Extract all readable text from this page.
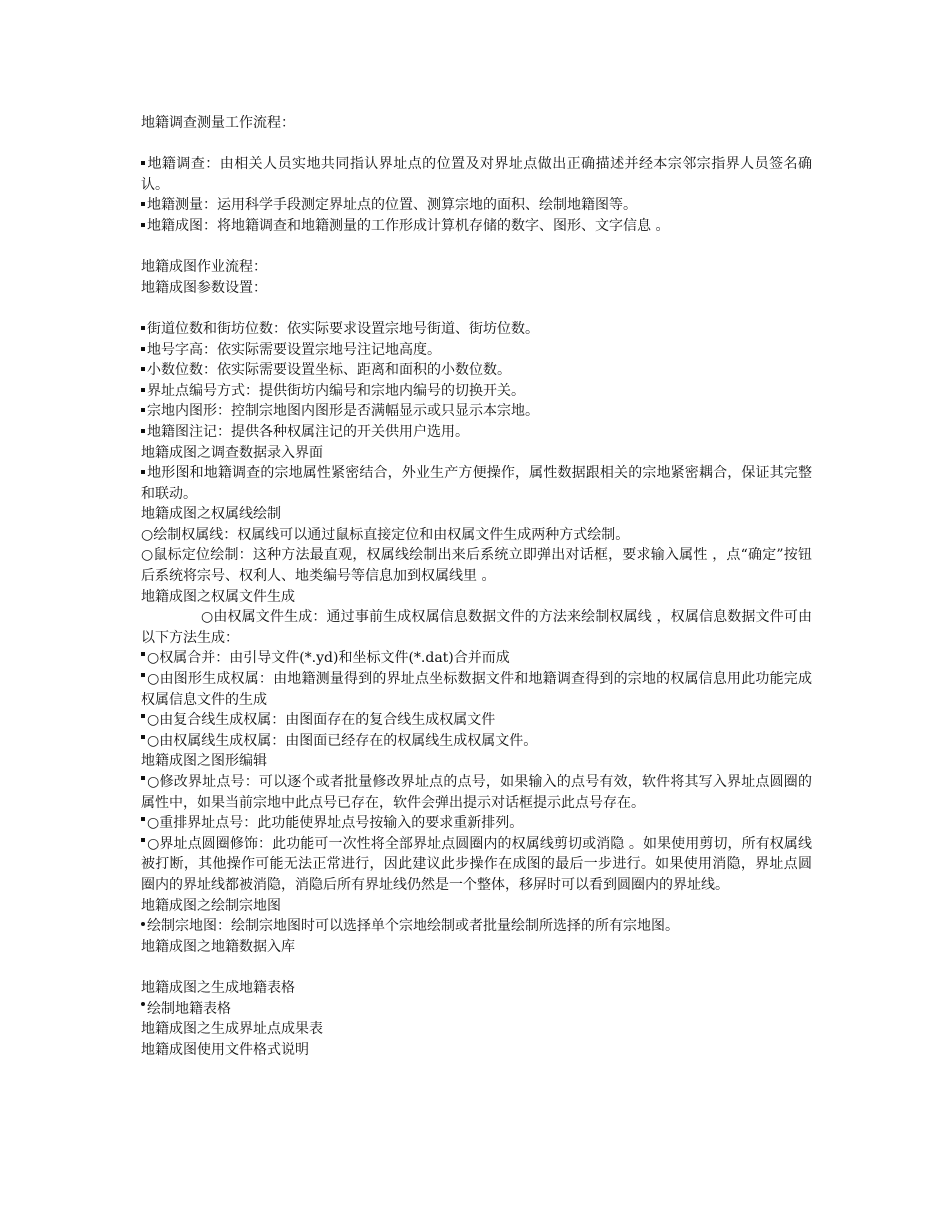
地籍调查测量工作流程：

地籍调查：由相关人员实地共同指认界址点的位置及对界址点做出正确描述并经本宗邻宗指界人员签名确认。

地籍测量：运用科学手段测定界址点的位置、测算宗地的面积、绘制地籍图等。

地籍成图：将地籍调查和地籍测量的工作形成计算机存储的数字、图形、文字信息 。

地籍成图作业流程：

地籍成图参数设置：

街道位数和街坊位数：依实际要求设置宗地号街道、街坊位数。

地号字高：依实际需要设置宗地号注记地高度。

小数位数：依实际需要设置坐标、距离和面积的小数位数。

界址点编号方式：提供街坊内编号和宗地内编号的切换开关。

宗地内图形：控制宗地图内图形是否满幅显示或只显示本宗地。

地籍图注记：提供各种权属注记的开关供用户选用。

地籍成图之调查数据录入界面

地形图和地籍调查的宗地属性紧密结合，外业生产方便操作，属性数据跟相关的宗地紧密耦合，保证其完整和联动。

地籍成图之权属线绘制

○绘制权属线：权属线可以通过鼠标直接定位和由权属文件生成两种方式绘制。

○鼠标定位绘制：这种方法最直观，权属线绘制出来后系统立即弹出对话框，要求输入属性 ，点“确定”按钮后系统将宗号、权利人、地类编号等信息加到权属线里 。

地籍成图之权属文件生成

○由权属文件生成：通过事前生成权属信息数据文件的方法来绘制权属线 ，权属信息数据文件可由以下方法生成：

○权属合并：由引导文件(*.yd)和坐标文件(*.dat)合并而成

○由图形生成权属：由地籍测量得到的界址点坐标数据文件和地籍调查得到的宗地的权属信息用此功能完成权属信息文件的生成

○由复合线生成权属：由图面存在的复合线生成权属文件

○由权属线生成权属：由图面已经存在的权属线生成权属文件。

地籍成图之图形编辑

○修改界址点号：可以逐个或者批量修改界址点的点号，如果输入的点号有效，软件将其写入界址点圆圈的属性中，如果当前宗地中此点号已存在，软件会弹出提示对话框提示此点号存在。

○重排界址点号：此功能使界址点号按输入的要求重新排列。

○界址点圆圈修饰：此功能可一次性将全部界址点圆圈内的权属线剪切或消隐 。如果使用剪切，所有权属线被打断，其他操作可能无法正常进行，因此建议此步操作在成图的最后一步进行。如果使用消隐，界址点圆圈内的界址线都被消隐，消隐后所有界址线仍然是一个整体，移屏时可以看到圆圈内的界址线。

地籍成图之绘制宗地图

绘制宗地图：绘制宗地图时可以选择单个宗地绘制或者批量绘制所选择的所有宗地图。

地籍成图之地籍数据入库

地籍成图之生成地籍表格

绘制地籍表格

地籍成图之生成界址点成果表

地籍成图使用文件格式说明
